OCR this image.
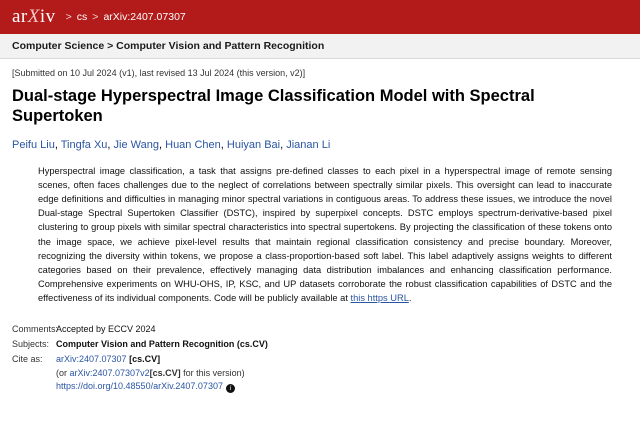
arXiv > cs > arXiv:2407.07307
Computer Science > Computer Vision and Pattern Recognition
[Submitted on 10 Jul 2024 (v1), last revised 13 Jul 2024 (this version, v2)]
Dual-stage Hyperspectral Image Classification Model with Spectral Supertoken
Peifu Liu, Tingfa Xu, Jie Wang, Huan Chen, Huiyan Bai, Jianan Li
Hyperspectral image classification, a task that assigns pre-defined classes to each pixel in a hyperspectral image of remote sensing scenes, often faces challenges due to the neglect of correlations between spectrally similar pixels. This oversight can lead to inaccurate edge definitions and difficulties in managing minor spectral variations in contiguous areas. To address these issues, we introduce the novel Dual-stage Spectral Supertoken Classifier (DSTC), inspired by superpixel concepts. DSTC employs spectrum-derivative-based pixel clustering to group pixels with similar spectral characteristics into spectral supertokens. By projecting the classification of these tokens onto the image space, we achieve pixel-level results that maintain regional classification consistency and precise boundary. Moreover, recognizing the diversity within tokens, we propose a class-proportion-based soft label. This label adaptively assigns weights to different categories based on their prevalence, effectively managing data distribution imbalances and enhancing classification performance. Comprehensive experiments on WHU-OHS, IP, KSC, and UP datasets corroborate the robust classification capabilities of DSTC and the effectiveness of its individual components. Code will be publicly available at this https URL.
Comments:
Accepted by ECCV 2024
Subjects: Computer Vision and Pattern Recognition (cs.CV)
Cite as:	arXiv:2407.07307 [cs.CV]
(or arXiv:2407.07307v2[cs.CV] for this version)
https://doi.org/10.48550/arXiv.2407.07307 i
